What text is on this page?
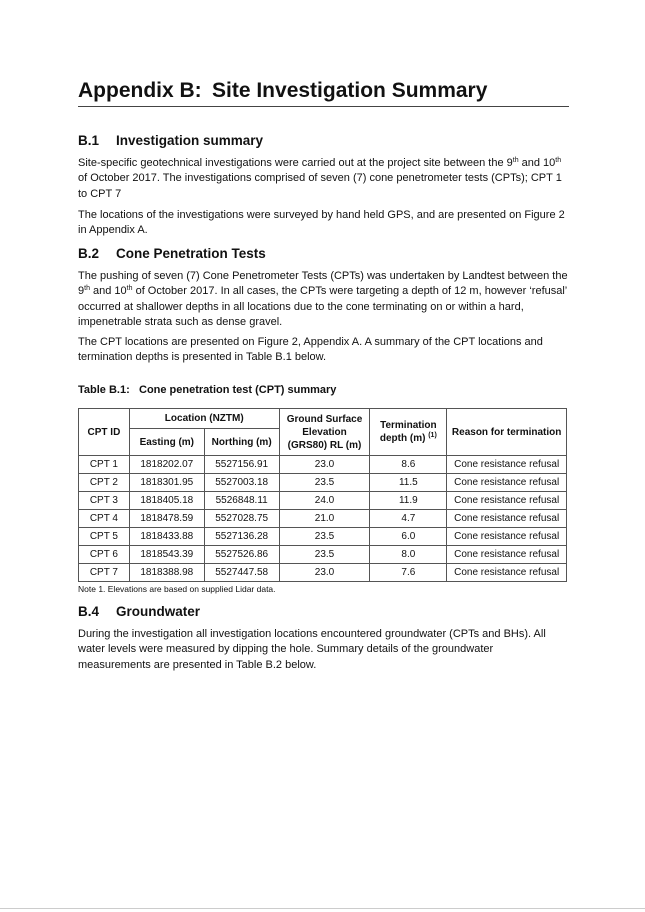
Appendix B: Site Investigation Summary
B.1 Investigation summary

Site-specific geotechnical investigations were carried out at the project site between the 9th and 10th of October 2017. The investigations comprised of seven (7) cone penetrometer tests (CPTs); CPT 1 to CPT 7

The locations of the investigations were surveyed by hand held GPS, and are presented on Figure 2 in Appendix A.

B.2 Cone Penetration Tests

The pushing of seven (7) Cone Penetrometer Tests (CPTs) was undertaken by Landtest between the 9th and 10th of October 2017. In all cases, the CPTs were targeting a depth of 12 m, however ‘refusal’ occurred at shallower depths in all locations due to the cone terminating on or within a hard, impenetrable strata such as dense gravel.

The CPT locations are presented on Figure 2, Appendix A. A summary of the CPT locations and termination depths is presented in Table B.1 below.

Table B.1: Cone penetration test (CPT) summary

CPT ID	Location (NZTM)		Ground Surface Elevation (GRS80) RL (m)	Termination depth (m) $^{(1)}$	Reason for termination
	Easting (m)	Northing (m)			
CPT 1	1818202.07	5527156.91	23.0	8.6	Cone resistance refusal
CPT 2	1818301.95	5527003.18	23.5	11.5	Cone resistance refusal
CPT 3	1818405.18	5526848.11	24.0	11.9	Cone resistance refusal
CPT 4	1818478.59	5527028.75	21.0	4.7	Cone resistance refusal
CPT 5	1818433.88	5527136.28	23.5	6.0	Cone resistance refusal
CPT 6	1818543.39	5527526.86	23.5	8.0	Cone resistance refusal
CPT 7	1818388.98	5527447.58	23.0	7.6	Cone resistance refusal

Note 1. Elevations are based on supplied Lidar data.

B.4 Groundwater

During the investigation all investigation locations encountered groundwater (CPTs and BHs). All water levels were measured by dipping the hole. Summary details of the groundwater measurements are presented in Table B.2 below.
